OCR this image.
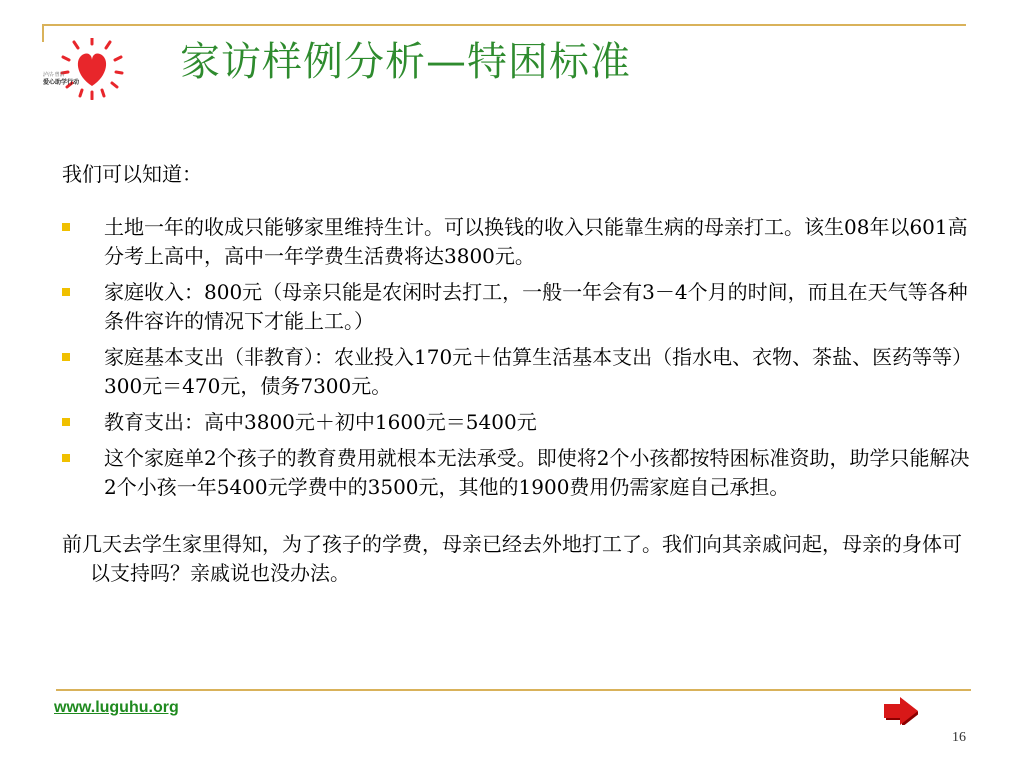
泸沽·曾沽
爱心助学行动	家访样例分析—特困标准

我们可以知道：

土地一年的收成只能够家里维持生计。可以换钱的收入只能靠生病的母亲打工。该生08年以601高分考上高中，高中一年学费生活费将达3800元。
家庭收入：800元（母亲只能是农闲时去打工，一般一年会有3－4个月的时间，而且在天气等各种条件容许的情况下才能上工。）
家庭基本支出（非教育）：农业投入170元＋估算生活基本支出（指水电、衣物、茶盐、医药等等）300元＝470元，债务7300元。
教育支出：高中3800元＋初中1600元＝5400元
这个家庭单2个孩子的教育费用就根本无法承受。即使将2个小孩都按特困标准资助，助学只能解决2个小孩一年5400元学费中的3500元，其他的1900费用仍需家庭自己承担。

前几天去学生家里得知，为了孩子的学费，母亲已经去外地打工了。我们向其亲戚问起，母亲的身体可以支持吗？亲戚说也没办法。

www.luguhu.org
16
